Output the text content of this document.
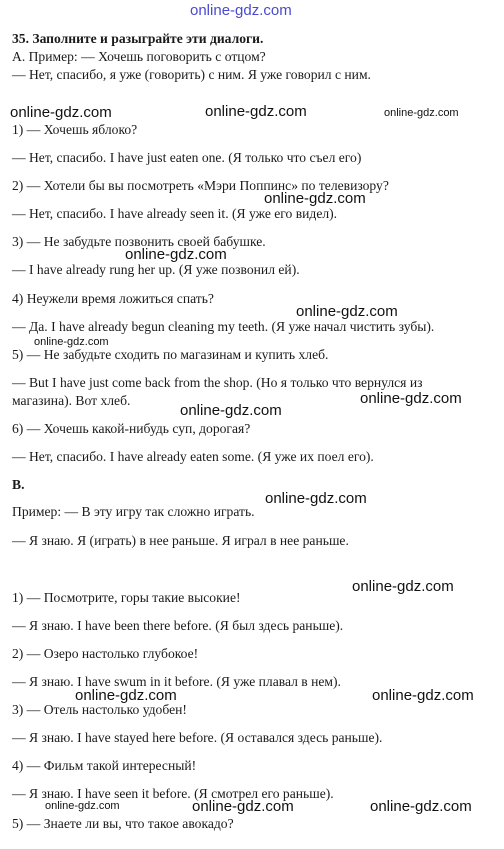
online-gdz.com
35. Заполните и разыграйте эти диалоги.
А. Пример: — Хочешь поговорить с отцом?
— Нет, спасибо, я уже (говорить) с ним. Я уже говорил с ним.
online-gdz.com	online-gdz.com	online-gdz.com
1) — Хочешь яблоко?
— Нет, спасибо. I have just eaten one. (Я только что съел его)
2) — Хотели бы вы посмотреть «Мэри Поппинс» по телевизору?
online-gdz.com
— Нет, спасибо. I have already seen it. (Я уже его видел).
3) — Не забудьте позвонить своей бабушке.
online-gdz.com
— I have already rung her up. (Я уже позвонил ей).
4) Неужели время ложиться спать?
online-gdz.com
— Да. I have already begun cleaning my teeth. (Я уже начал чистить зубы).
online-gdz.com
5) — Не забудьте сходить по магазинам и купить хлеб.
— But I have just come back from the shop. (Но я только что вернулся из
магазина). Вот хлеб.	online-gdz.com
online-gdz.com
6) — Хочешь какой-нибудь суп, дорогая?
— Нет, спасибо. I have already eaten some. (Я уже их поел его).
B.
online-gdz.com
Пример: — В эту игру так сложно играть.
— Я знаю. Я (играть) в нее раньше. Я играл в нее раньше.
online-gdz.com
1) — Посмотрите, горы такие высокие!
— Я знаю. I have been there before. (Я был здесь раньше).
2) — Озеро настолько глубокое!
— Я знаю. I have swum in it before. (Я уже плавал в нем).
online-gdz.com	online-gdz.com
3) — Отель настолько удобен!
— Я знаю. I have stayed here before. (Я оставался здесь раньше).
4) — Фильм такой интересный!
— Я знаю. I have seen it before. (Я смотрел его раньше).
online-gdz.com	online-gdz.com	online-gdz.com
5) — Знаете ли вы, что такое авокадо?
